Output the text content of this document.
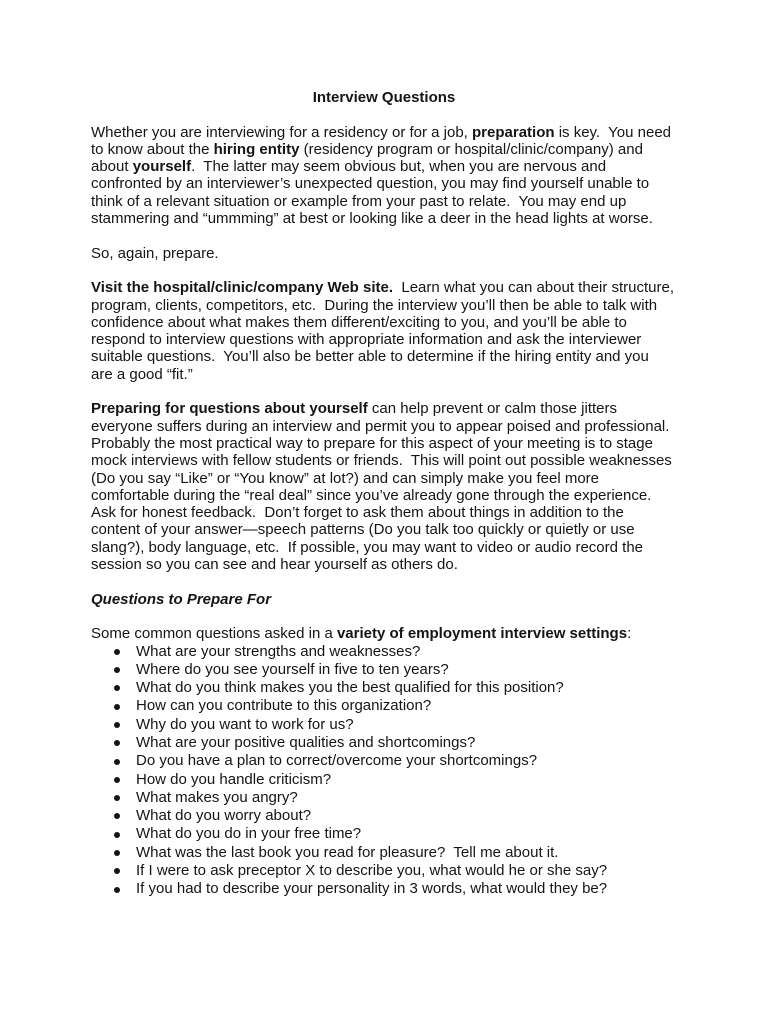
Interview Questions
Whether you are interviewing for a residency or for a job, preparation is key.  You need
to know about the hiring entity (residency program or hospital/clinic/company) and
about yourself.  The latter may seem obvious but, when you are nervous and
confronted by an interviewer’s unexpected question, you may find yourself unable to
think of a relevant situation or example from your past to relate.  You may end up
stammering and “ummming” at best or looking like a deer in the head lights at worse.
So, again, prepare.
Visit the hospital/clinic/company Web site.  Learn what you can about their structure,
program, clients, competitors, etc.  During the interview you’ll then be able to talk with
confidence about what makes them different/exciting to you, and you’ll be able to
respond to interview questions with appropriate information and ask the interviewer
suitable questions.  You’ll also be better able to determine if the hiring entity and you
are a good “fit.”
Preparing for questions about yourself can help prevent or calm those jitters
everyone suffers during an interview and permit you to appear poised and professional.
Probably the most practical way to prepare for this aspect of your meeting is to stage
mock interviews with fellow students or friends.  This will point out possible weaknesses
(Do you say “Like” or “You know” at lot?) and can simply make you feel more
comfortable during the “real deal” since you’ve already gone through the experience.
Ask for honest feedback.  Don’t forget to ask them about things in addition to the
content of your answer—speech patterns (Do you talk too quickly or quietly or use
slang?), body language, etc.  If possible, you may want to video or audio record the
session so you can see and hear yourself as others do.
Questions to Prepare For
Some common questions asked in a variety of employment interview settings:
What are your strengths and weaknesses?
Where do you see yourself in five to ten years?
What do you think makes you the best qualified for this position?
How can you contribute to this organization?
Why do you want to work for us?
What are your positive qualities and shortcomings?
Do you have a plan to correct/overcome your shortcomings?
How do you handle criticism?
What makes you angry?
What do you worry about?
What do you do in your free time?
What was the last book you read for pleasure?  Tell me about it.
If I were to ask preceptor X to describe you, what would he or she say?
If you had to describe your personality in 3 words, what would they be?
